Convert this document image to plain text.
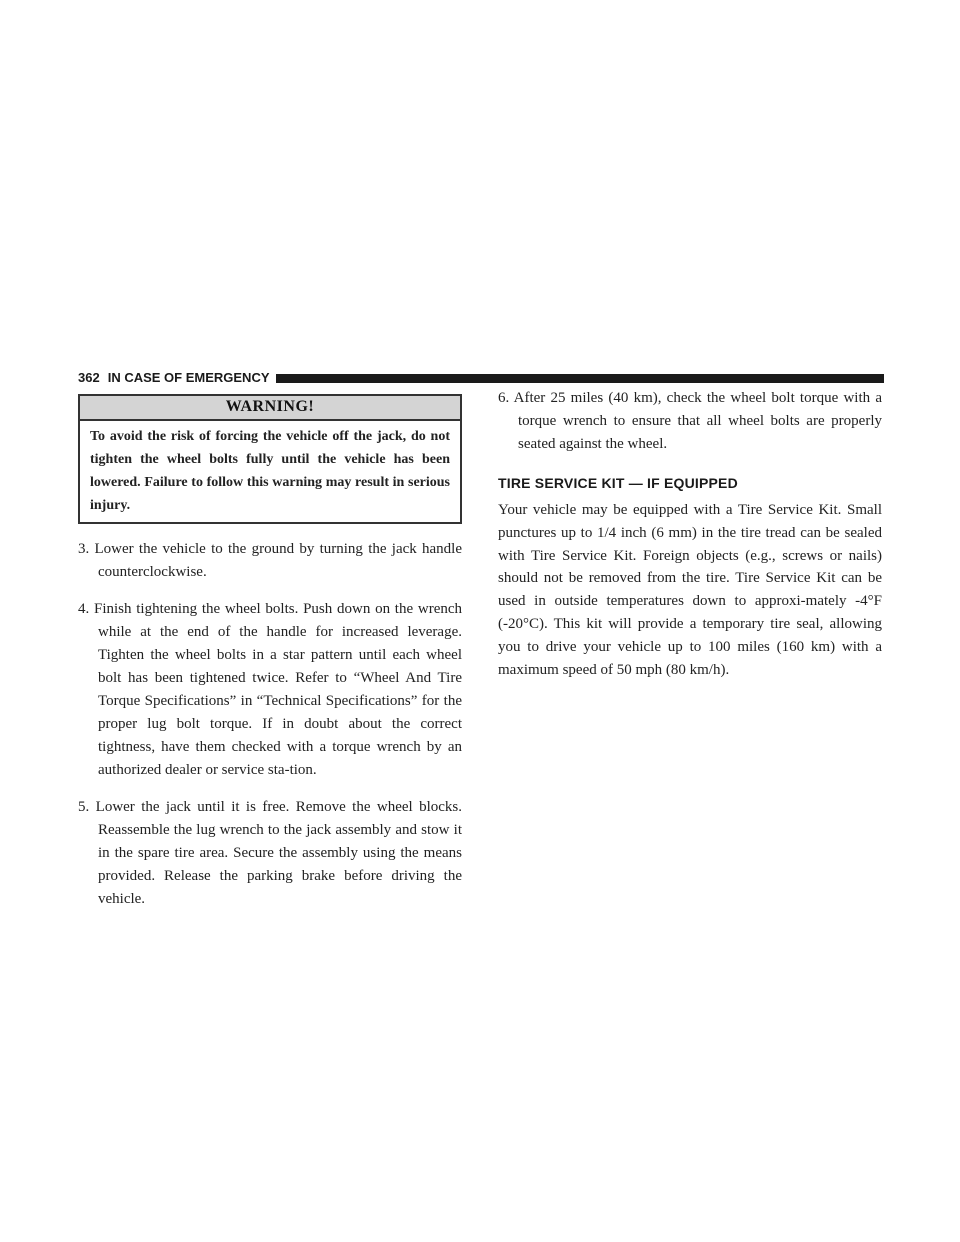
362 IN CASE OF EMERGENCY
WARNING!
To avoid the risk of forcing the vehicle off the jack, do not tighten the wheel bolts fully until the vehicle has been lowered. Failure to follow this warning may result in serious injury.
3. Lower the vehicle to the ground by turning the jack handle counterclockwise.
4. Finish tightening the wheel bolts. Push down on the wrench while at the end of the handle for increased leverage. Tighten the wheel bolts in a star pattern until each wheel bolt has been tightened twice. Refer to “Wheel And Tire Torque Specifications” in “Technical Specifications” for the proper lug bolt torque. If in doubt about the correct tightness, have them checked with a torque wrench by an authorized dealer or service sta-tion.
5. Lower the jack until it is free. Remove the wheel blocks. Reassemble the lug wrench to the jack assembly and stow it in the spare tire area. Secure the assembly using the means provided. Release the parking brake before driving the vehicle.
6. After 25 miles (40 km), check the wheel bolt torque with a torque wrench to ensure that all wheel bolts are properly seated against the wheel.
TIRE SERVICE KIT — IF EQUIPPED
Your vehicle may be equipped with a Tire Service Kit. Small punctures up to 1/4 inch (6 mm) in the tire tread can be sealed with Tire Service Kit. Foreign objects (e.g., screws or nails) should not be removed from the tire. Tire Service Kit can be used in outside temperatures down to approxi-mately -4°F (-20°C). This kit will provide a temporary tire seal, allowing you to drive your vehicle up to 100 miles (160 km) with a maximum speed of 50 mph (80 km/h).
